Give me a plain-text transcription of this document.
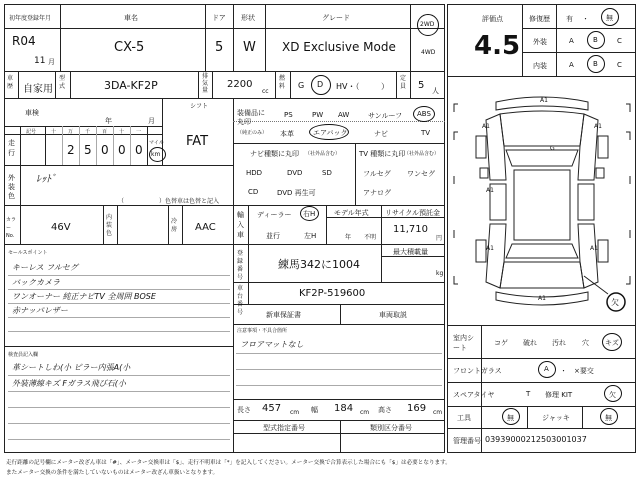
初年度登録年月
R04
11 月
車名
CX-5
ドア
5
形状
W
グレード
XD Exclusive Mode
2WD
4WD
車歴 自家用
型式	3DA-KF2P
排気量
2200
cc
燃料 G D HV・（	）
定員 5 人
車検
年	月
シフト
FAT
記号	十 万 千 百 十 一
走行	2 5 0 0 0 マイル
km
装備品に丸印
（純正のみ）
PS	PW AW	サンルーフ ABS
本革	エアバック	ナビ	TV
ナビ種類に丸印 （社外品含む）
HDD	DVD	SD
CD	DVD 再生可
TV 種類に丸印
（社外品含む）
フルセグ ワンセグ
アナログ
外装色
ﾚｯﾄﾞ
（	）色替車は色替と記入
輸入車
ディーラー 右H
並行	左H
モデル年式
年 不明
リサイクル預託金
11,710
円
カラーNo.
46V
内装色
冷房 AAC
セールスポイント
キーレス フルセグ
バックカメラ
ワンオーナー 純正ナビTV 全周囲 BOSE
赤ナッパレザー
登録番号
練馬342に1004
最大積載量
kg
車台番号
KF2P-519600
新車保証書	車両取説
注意事項・不具合箇所
フロアマットなし
検査員記入欄
革シートしわ(小 ピラー内張A(小
外装薄線キズ Fガラス飛び石(小
長さ 457 cm 幅 184 cm 高さ 169 cm
型式指定番号	類別区分番号
評価点
4.5
修復歴 有 ・ 無
外装	A	B	C
内装	A	B	C
A1
A1	A1
G
A1
A1	A1
A1	欠
室内シート
コゲ 破れ 汚れ 穴 キズ
フロントガラス	A ・ ×要交
スペアタイヤ	T 修理 KIT	欠
工具	無	ジャッキ	無
管理番号 0393900021250300​1037
走行距離の記号欄にメーター改ざん車は「#」、メーター交換車は「$」、走行不明車は「*」を記入してください。メーター交換で合算表示した場合にも「$」は必要となります。
またメーター交換の条件を満たしていないものはメーター改ざん車扱いとなります。
